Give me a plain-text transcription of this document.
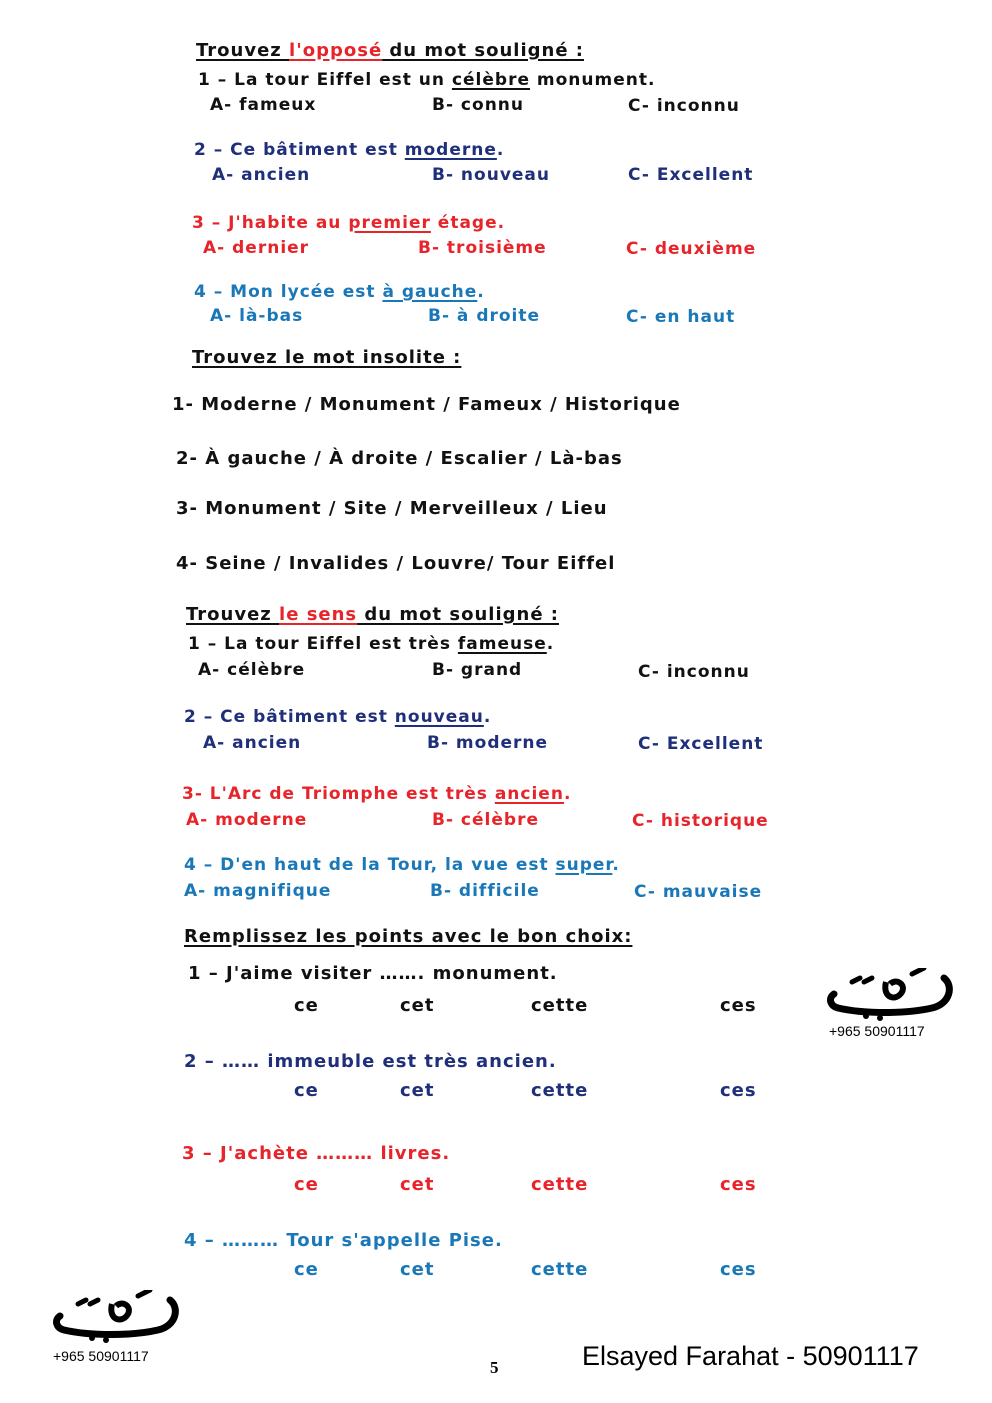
Trouvez l'opposé du mot souligné :
1 – La tour Eiffel est un célèbre monument.
A- fameux	B- connu	C- inconnu
2 – Ce bâtiment est moderne.
A- ancien	B- nouveau	C- Excellent
3 – J'habite au premier étage.
A- dernier	B- troisième	C- deuxième
4 – Mon lycée est à gauche.
A- là-bas	B- à droite	C- en haut
Trouvez le mot insolite :
1- Moderne / Monument / Fameux / Historique
2- À gauche / À droite / Escalier / Là-bas
3- Monument / Site / Merveilleux / Lieu
4- Seine / Invalides / Louvre/ Tour Eiffel
Trouvez le sens du mot souligné :
1 – La tour Eiffel est très fameuse.
A- célèbre	B- grand	C- inconnu
2 – Ce bâtiment est nouveau.
A- ancien	B- moderne	C- Excellent
3- L'Arc de Triomphe est très ancien.
A- moderne	B- célèbre	C- historique
4 – D'en haut de la Tour, la vue est super.
A- magnifique	B- difficile	C- mauvaise
Remplissez les points avec le bon choix:
1 – J'aime visiter ……. monument.
ce	cet	cette	ces
2 – …… immeuble est très ancien.
ce	cet	cette	ces
3 – J'achète ……… livres.
ce	cet	cette	ces
4 – ……… Tour s'appelle Pise.
ce	cet	cette	ces
+965 50901117
+965 50901117
5	Elsayed Farahat - 50901117
